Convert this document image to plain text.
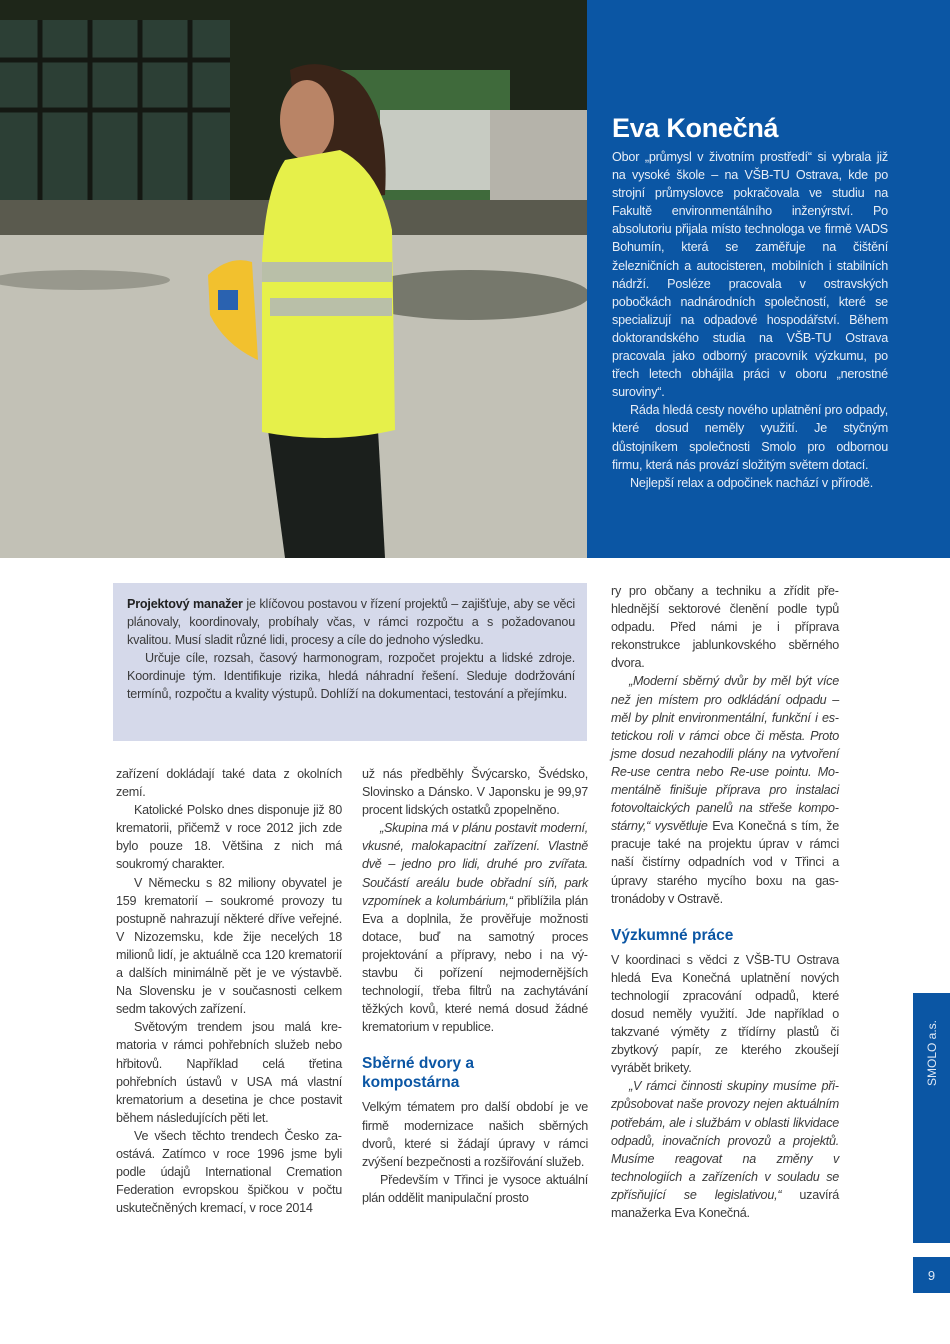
Eva Konečná

Obor „průmysl v životním prostředí“ si vybrala již na vysoké škole – na VŠB-TU Ostrava, kde po strojní průmyslovce pokračovala ve studiu na Fakultě environmentálního inženýrství. Po absolutoriu přijala místo technologa ve firmě VADS Bohumín, která se zaměřuje na čištění železničních a autocisteren, mobilních i stabilních nádrží. Posléze pracovala v ostravských pobočkách nadnárodních společností, které se specializují na odpadové hospodářství. Během doktorandského studia na VŠB-TU Ostrava pracovala jako odborný pracovník výzkumu, po třech letech obhájila práci v oboru „nerostné suroviny“.

Ráda hledá cesty nového uplatnění pro odpady, které dosud neměly využití. Je styčným důstojníkem společnosti Smolo pro odbornou firmu, která nás provází složitým světem dotací.

Nejlepší relax a odpočinek nachází v přírodě.

Projektový manažer je klíčovou postavou v řízení projektů – zajišťuje, aby se věci plánovaly, koordinovaly, probíhaly včas, v rámci rozpočtu a s požadovanou kvalitou. Musí sladit různé lidi, procesy a cíle do jednoho výsledku.

Určuje cíle, rozsah, časový harmonogram, rozpočet projektu a lidské zdroje. Koordinuje tým. Identifikuje rizika, hledá náhradní řešení. Sleduje dodržování termínů, rozpočtu a kvality výstupů. Dohlíží na dokumentaci, testování a přejímku.

zařízení dokládají také data z okolních zemí.

Katolické Polsko dnes disponuje již 80 krematorii, přičemž v roce 2012 jich zde bylo pouze 18. Většina z nich má soukromý charakter.

V Německu s 82 miliony obyvatel je 159 krematorií – soukromé provozy tu postupně nahrazují některé dříve veřejné. V Nizozemsku, kde žije necelých 18 milionů lidí, je aktuálně cca 120 krematorií a dalších minimálně pět je ve výstavbě. Na Slovensku je v současnosti celkem sedm takových zařízení.

Světovým trendem jsou malá krematoria v rámci pohřebních služeb nebo hřbitovů. Například celá třetina pohřebních ústavů v USA má vlastní krematorium a desetina je chce postavit během následujících pěti let.

Ve všech těchto trendech Česko zaostává. Zatímco v roce 1996 jsme byli podle údajů International Cremation Federation evropskou špičkou v počtu uskutečněných kremací, v roce 2014

už nás předběhly Švýcarsko, Švédsko, Slovinsko a Dánsko. V Japonsku je 99,97 procent lidských ostatků zpopelněno.

„Skupina má v plánu postavit moderní, vkusné, malokapacitní zařízení. Vlastně dvě – jedno pro lidi, druhé pro zvířata. Součástí areálu bude obřadní síň, park vzpomínek a kolumbárium,“ přiblížila plán Eva a doplnila, že prověřuje možnosti dotace, buď na samotný proces projektování a přípravy, nebo i na výstavbu či pořízení nejmodernějších technologií, třeba filtrů na zachytávání těžkých kovů, které nemá dosud žádné krematorium v republice.

Sběrné dvory a kompostárna

Velkým tématem pro další období je ve firmě modernizace našich sběrných dvorů, které si žádají úpravy v rámci zvýšení bezpečnosti a rozšiřování služeb.

Především v Třinci je vysoce aktuální plán oddělit manipulační prosto

ry pro občany a techniku a zřídit přehlednější sektorové členění podle typů odpadu. Před námi je i příprava rekonstrukce jablunkovského sběrného dvora.

„Moderní sběrný dvůr by měl být více než jen místem pro odkládání odpadu – měl by plnit environmentální, funkční i estetickou roli v rámci obce či města. Proto jsme dosud nezahodili plány na vytvoření Re-use centra nebo Re-use pointu. Momentálně finišuje příprava pro instalaci fotovoltaických panelů na střeše kompostárny,“ vysvětluje Eva Konečná s tím, že pracuje také na projektu úprav v rámci naší čistírny odpadních vod v Třinci a úpravy starého mycího boxu na gastronádoby v Ostravě.

Výzkumné práce

V koordinaci s vědci z VŠB-TU Ostrava hledá Eva Konečná uplatnění nových technologií zpracování odpadů, které dosud neměly využití. Jde například o takzvané výměty z třídírny plastů či zbytkový papír, ze kterého zkoušejí vyrábět brikety.

„V rámci činnosti skupiny musíme přizpůsobovat naše provozy nejen aktuálním potřebám, ale i službám v oblasti likvidace odpadů, inovačních provozů a projektů. Musíme reagovat na změny v technologiích a zařízeních v souladu se zpřísňující se legislativou,“ uzavírá manažerka Eva Konečná.

SMOLO a.s.
9
